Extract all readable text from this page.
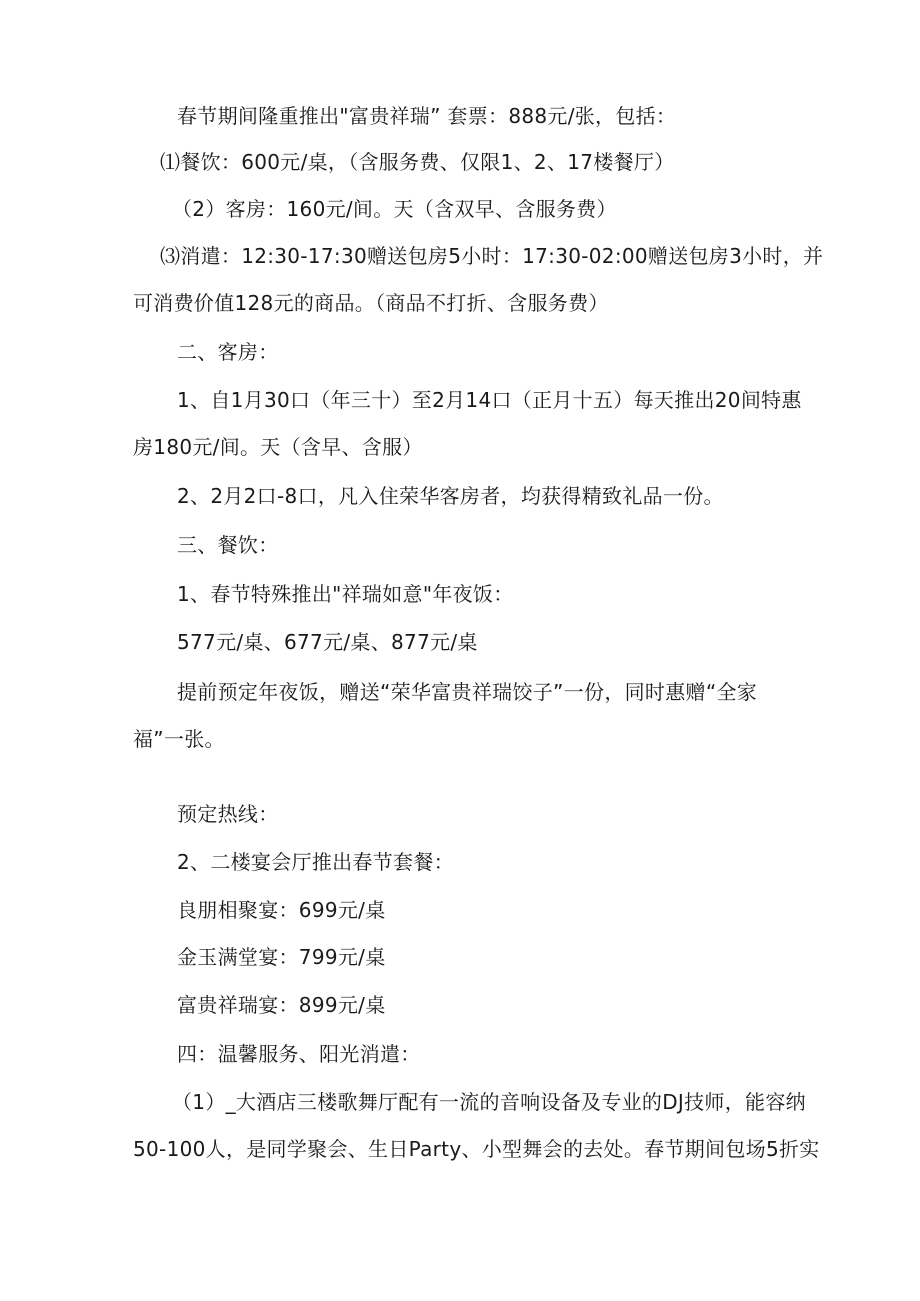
春节期间隆重推出"富贵祥瑞” 套票：888元/张，包括：
⑴餐饮：600元/桌，（含服务费、仅限1、2、17楼餐厅）
（2）客房：160元/间。天（含双早、含服务费）
⑶消遣：12:30-17:30赠送包房5小时：17:30-02:00赠送包房3小时，并
可消费价值128元的商品。（商品不打折、含服务费）
二、客房：
1、自1月30口（年三十）至2月14口（正月十五）每天推出20间特惠
房180元/间。天（含早、含服）
2、2月2口-8口，凡入住荣华客房者，均获得精致礼品一份。
三、餐饮：
1、春节特殊推出"祥瑞如意"年夜饭：
577元/桌、677元/桌、877元/桌
提前预定年夜饭，赠送“荣华富贵祥瑞饺子”一份，同时惠赠“全家
福”一张。
预定热线：
2、二楼宴会厅推出春节套餐：
良朋相聚宴：699元/桌
金玉满堂宴：799元/桌
富贵祥瑞宴：899元/桌
四：温馨服务、阳光消遣：
（1）_大酒店三楼歌舞厅配有一流的音响设备及专业的DJ技师，能容纳
50-100人，是同学聚会、生日Party、小型舞会的去处。春节期间包场5折实
